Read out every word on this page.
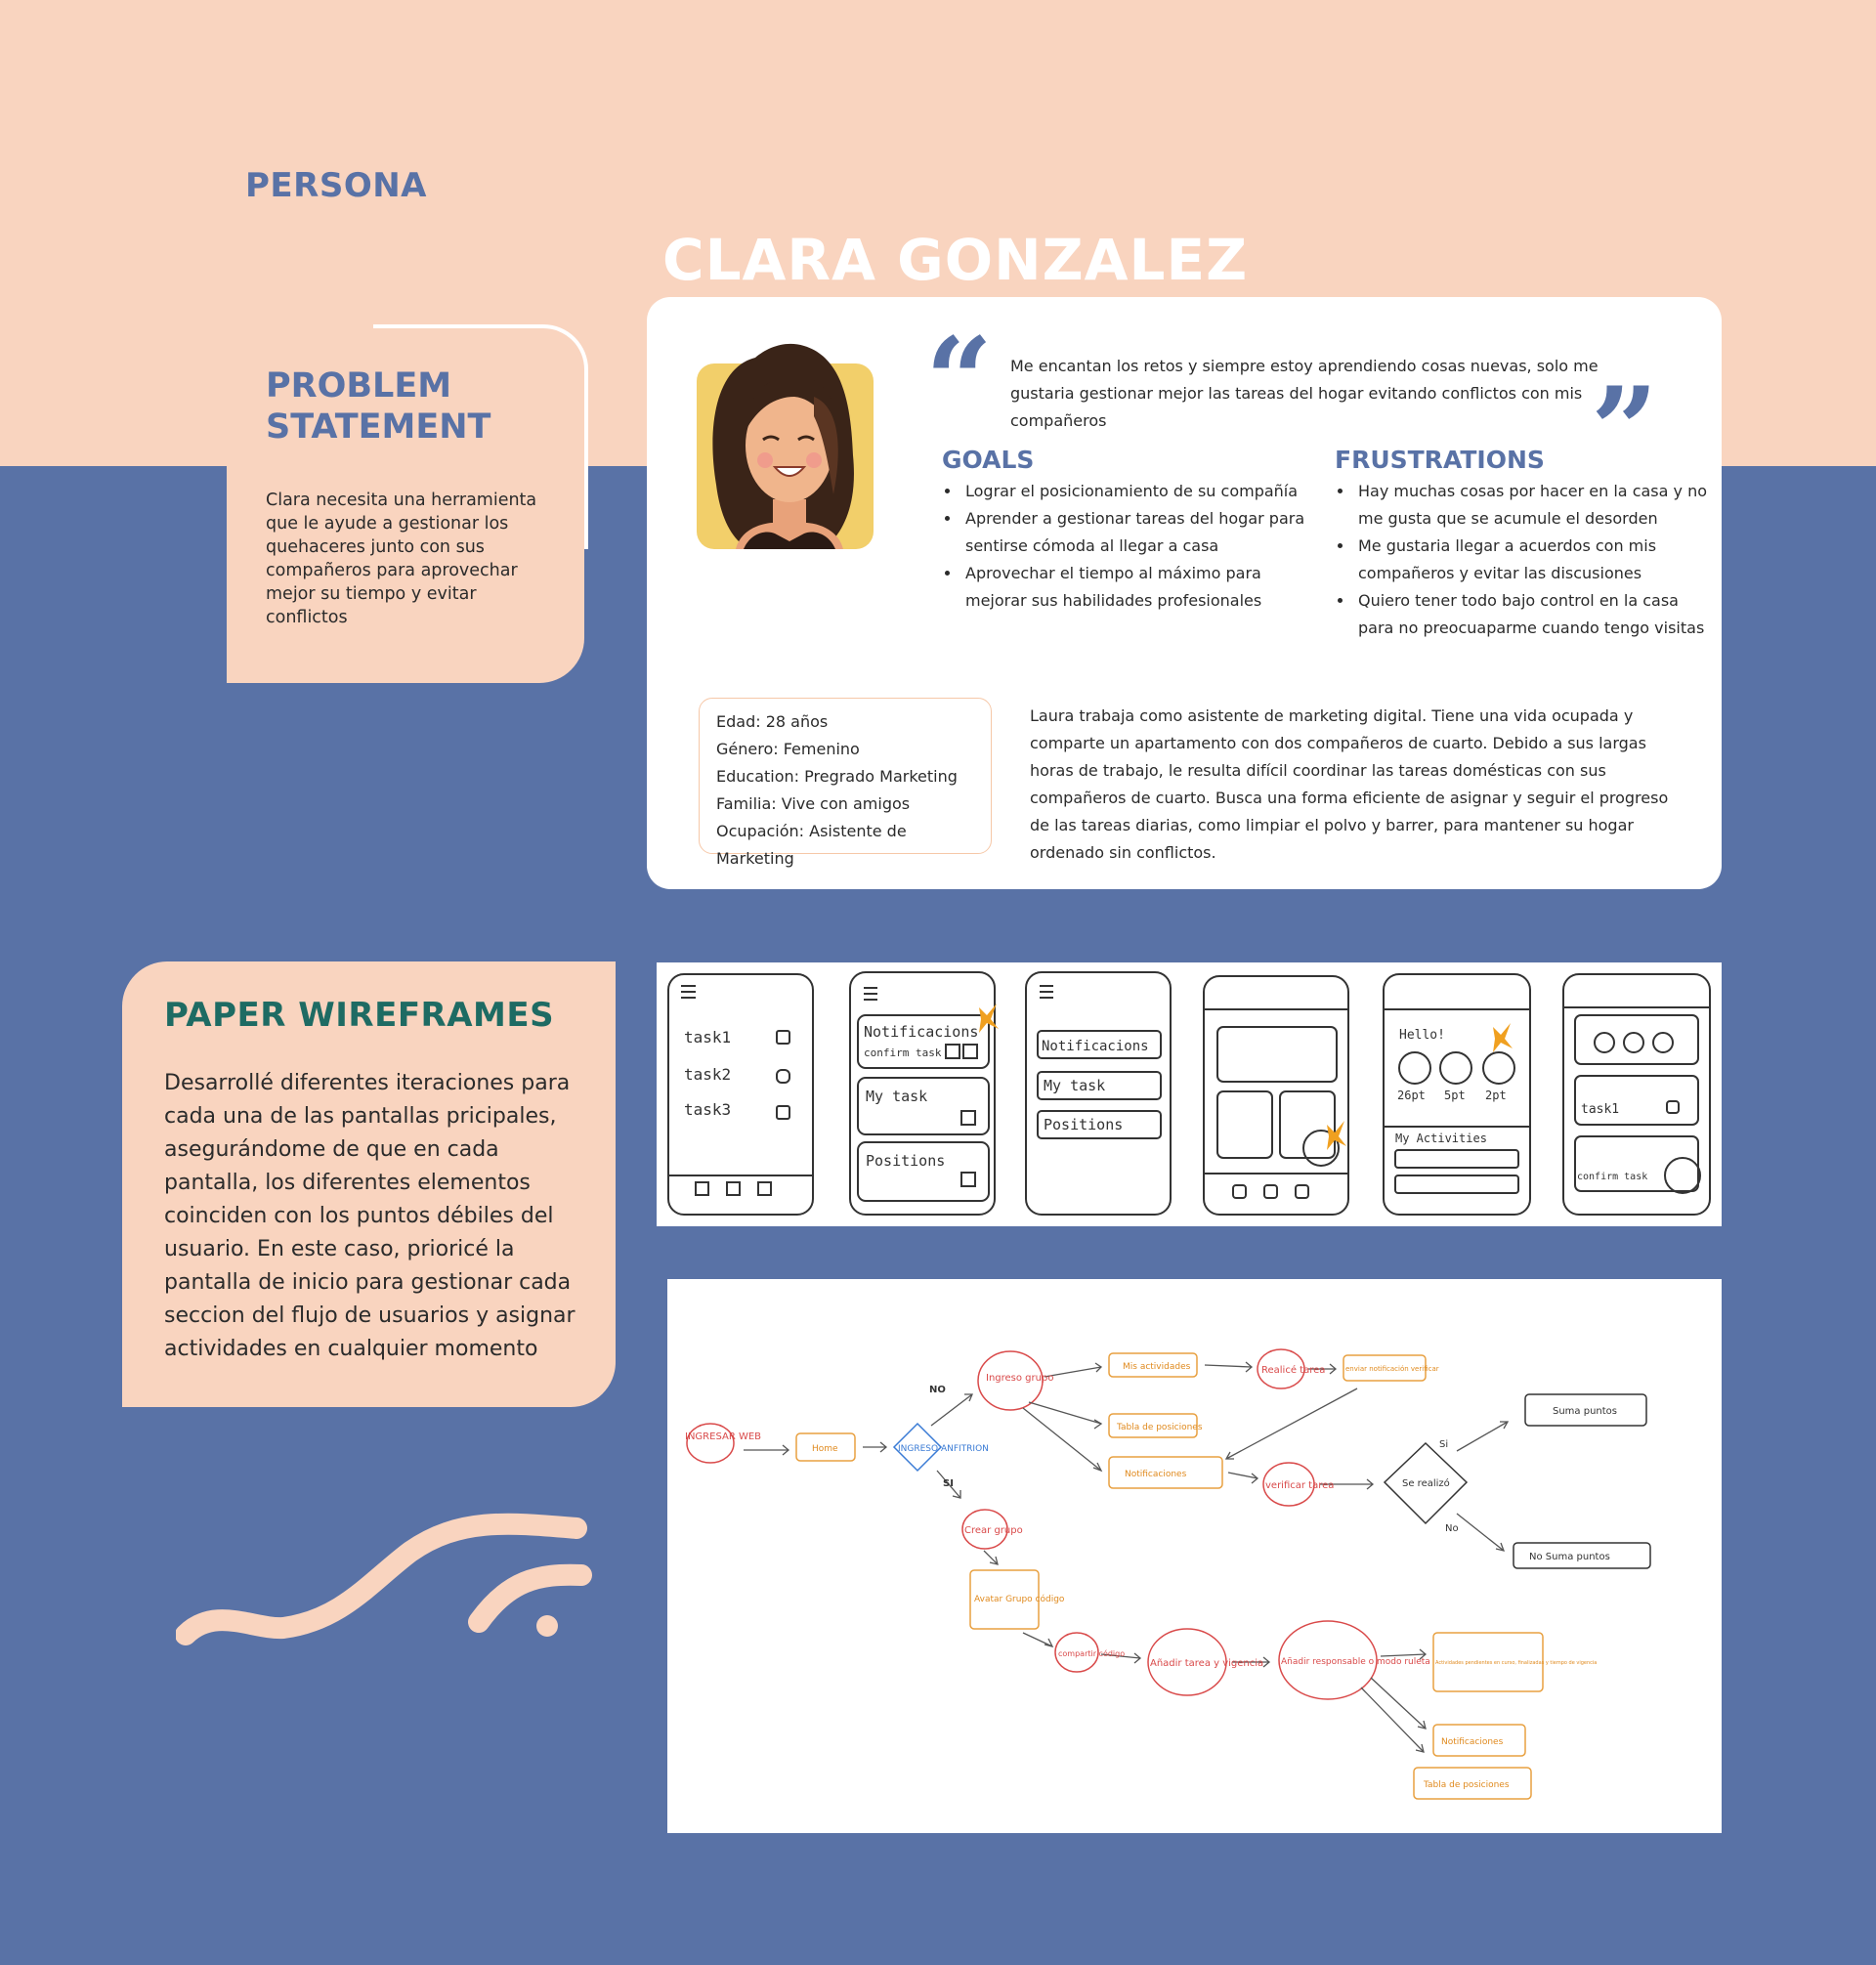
PERSONA
CLARA GONZALEZ
PROBLEM
STATEMENT
Clara necesita una herramienta que le ayude a gestionar los quehaceres junto con sus compañeros para aprovechar mejor su tiempo y evitar conflictos
“	”
Me encantan los retos y siempre estoy aprendiendo cosas nuevas, solo me gustaria gestionar mejor las tareas del hogar evitando conflictos con mis compañeros
GOALS
• Lograr el posicionamiento de su compañía
• Aprender a gestionar tareas del hogar para sentirse cómoda al llegar a casa
• Aprovechar el tiempo al máximo para mejorar sus habilidades profesionales
FRUSTRATIONS
• Hay muchas cosas por hacer en la casa y no me gusta que se acumule el desorden
• Me gustaria llegar a acuerdos con mis compañeros y evitar las discusiones
• Quiero tener todo bajo control en la casa para no preocuaparme cuando tengo visitas
Edad: 28 años
Género: Femenino
Education: Pregrado Marketing
Familia: Vive con amigos
Ocupación: Asistente de Marketing
Laura trabaja como asistente de marketing digital. Tiene una vida ocupada y comparte un apartamento con dos compañeros de cuarto. Debido a sus largas horas de trabajo, le resulta difícil coordinar las tareas domésticas con sus compañeros de cuarto. Busca una forma eficiente de asignar y seguir el progreso de las tareas diarias, como limpiar el polvo y barrer, para mantener su hogar ordenado sin conflictos.
PAPER WIREFRAMES
Desarrollé diferentes iteraciones para cada una de las pantallas pricipales, asegurándome de que en cada pantalla, los diferentes elementos coinciden con los puntos débiles del usuario. En este caso, prioricé la pantalla de inicio para gestionar cada seccion del flujo de usuarios y asignar actividades en cualquier momento
task1
task2
task3
Notificacions
confirm task
My task
Positions
Notificacions
My task
Positions
Hello!
26pt 5pt 2pt
My Activities
task1
confirm task
INGRESAR WEB
Home	INGRESO ANFITRION
NO
SI
Ingreso grupo
Mis actividades
Tabla de posiciones
Notificaciones
Realicé tarea	enviar notificación verificar
verificar tarea	Se realizó
Si
No
Suma puntos
No Suma puntos
Crear grupo
Avatar Grupo código
compartir código
Añadir tarea y vigencia Añadir responsable o modo ruleta Actividades pendientes en curso, finalizadas y tiempo de vigencia
Notificaciones
Tabla de posiciones
